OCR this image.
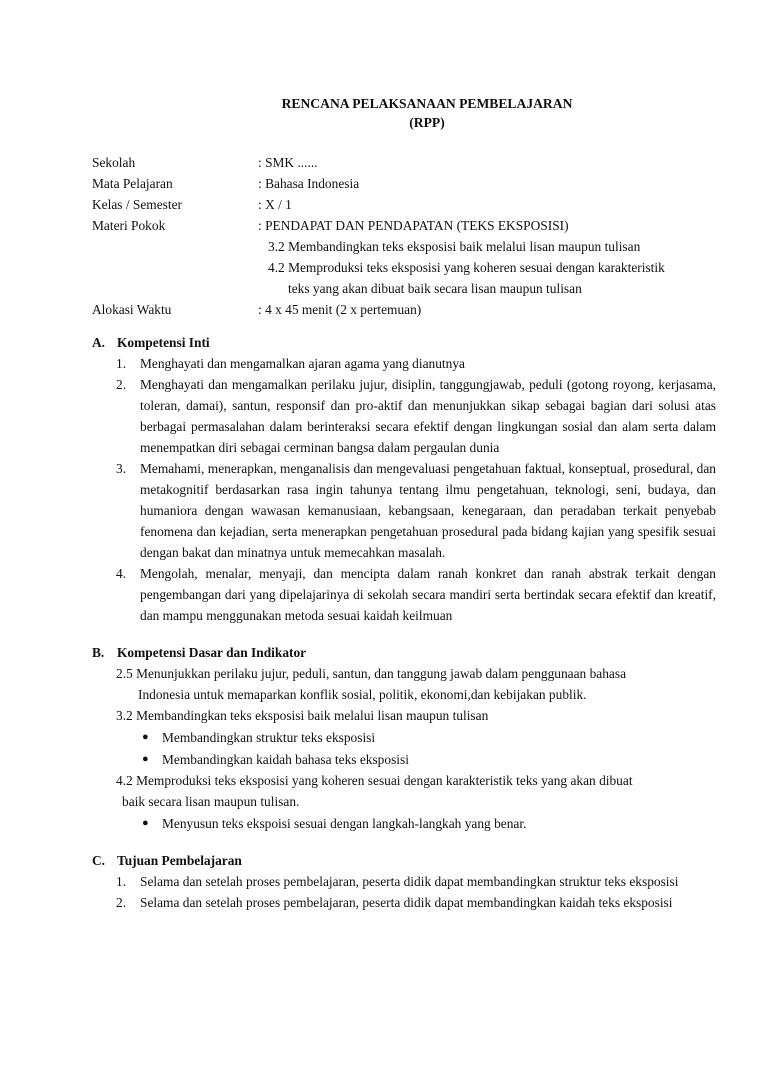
RENCANA PELAKSANAAN PEMBELAJARAN
(RPP)
Sekolah	: SMK ......
Mata Pelajaran	: Bahasa Indonesia
Kelas / Semester	: X / 1
Materi Pokok	: PENDAPAT DAN PENDAPATAN (TEKS EKSPOSISI)
3.2 Membandingkan teks eksposisi baik melalui lisan maupun tulisan
4.2 Memproduksi teks eksposisi yang koheren sesuai dengan karakteristik
teks yang akan dibuat baik secara lisan maupun tulisan
Alokasi Waktu	: 4 x 45 menit (2 x pertemuan)
A. Kompetensi Inti
1.	Menghayati dan mengamalkan ajaran agama yang dianutnya
2.	Menghayati dan mengamalkan perilaku jujur, disiplin, tanggungjawab, peduli (gotong royong, kerjasama, toleran, damai), santun, responsif dan pro-aktif dan menunjukkan sikap sebagai bagian dari solusi atas berbagai permasalahan dalam berinteraksi secara efektif dengan lingkungan sosial dan alam serta dalam menempatkan diri sebagai cerminan bangsa dalam pergaulan dunia
3.	Memahami, menerapkan, menganalisis dan mengevaluasi pengetahuan faktual, konseptual, prosedural, dan metakognitif berdasarkan rasa ingin tahunya tentang ilmu pengetahuan, teknologi, seni, budaya, dan humaniora dengan wawasan kemanusiaan, kebangsaan, kenegaraan, dan peradaban terkait penyebab fenomena dan kejadian, serta menerapkan pengetahuan prosedural pada bidang kajian yang spesifik sesuai dengan bakat dan minatnya untuk memecahkan masalah.
4.	Mengolah, menalar, menyaji, dan mencipta dalam ranah konkret dan ranah abstrak terkait dengan pengembangan dari yang dipelajarinya di sekolah secara mandiri serta bertindak secara efektif dan kreatif, dan mampu menggunakan metoda sesuai kaidah keilmuan
B. Kompetensi Dasar dan Indikator
2.5 Menunjukkan perilaku jujur, peduli, santun, dan tanggung jawab dalam penggunaan bahasa
Indonesia untuk memaparkan konflik sosial, politik, ekonomi,dan kebijakan publik.
3.2 Membandingkan teks eksposisi baik melalui lisan maupun tulisan
● Membandingkan struktur teks eksposisi
● Membandingkan kaidah bahasa teks eksposisi
4.2 Memproduksi teks eksposisi yang koheren sesuai dengan karakteristik teks yang akan dibuat
baik secara lisan maupun tulisan.
● Menyusun teks ekspoisi sesuai dengan langkah-langkah yang benar.
C. Tujuan Pembelajaran
1.	Selama dan setelah proses pembelajaran, peserta didik dapat membandingkan struktur teks eksposisi
2.	Selama dan setelah proses pembelajaran, peserta didik dapat membandingkan kaidah teks eksposisi
